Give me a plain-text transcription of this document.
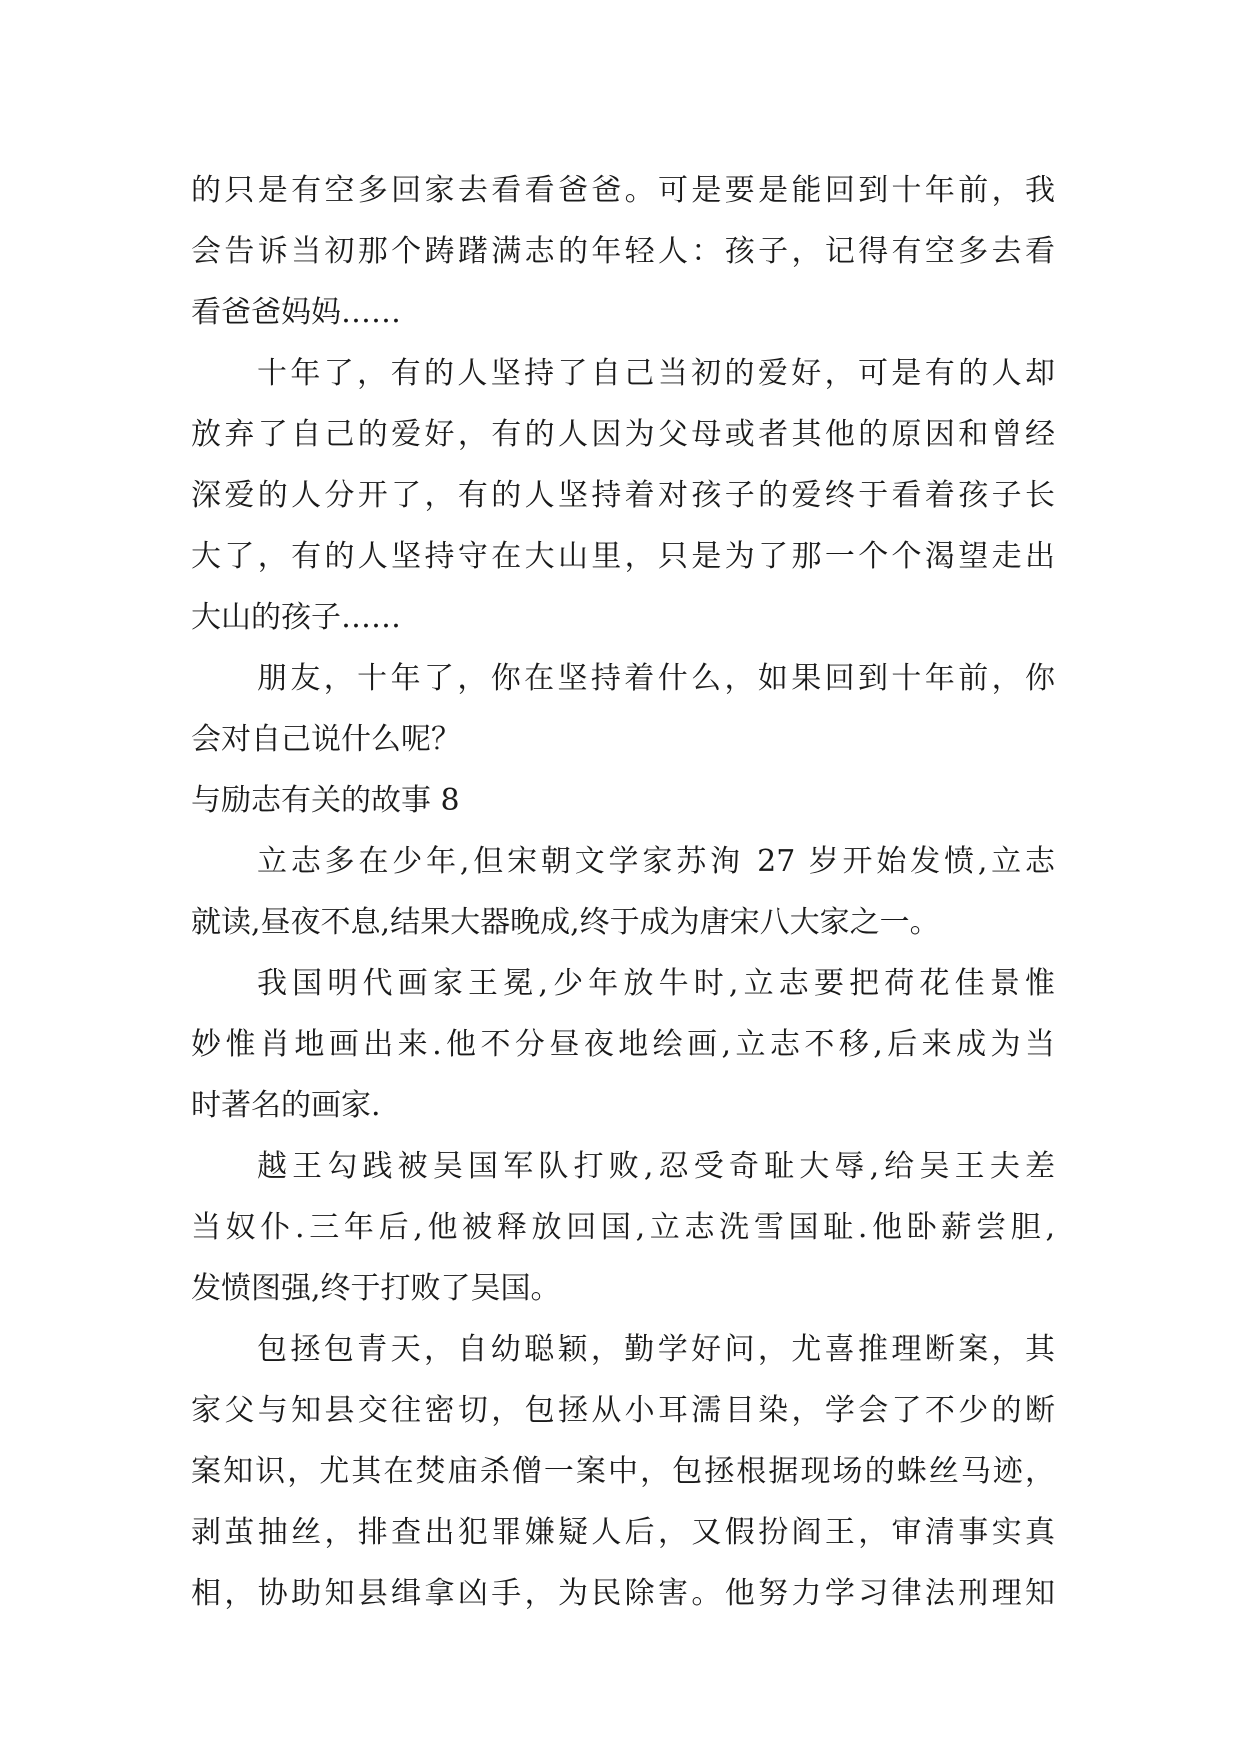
的只是有空多回家去看看爸爸。可是要是能回到十年前，我
会告诉当初那个踌躇满志的年轻人：孩子，记得有空多去看
看爸爸妈妈……
十年了，有的人坚持了自己当初的爱好，可是有的人却
放弃了自己的爱好，有的人因为父母或者其他的原因和曾经
深爱的人分开了，有的人坚持着对孩子的爱终于看着孩子长
大了，有的人坚持守在大山里，只是为了那一个个渴望走出
大山的孩子……
朋友，十年了，你在坚持着什么，如果回到十年前，你
会对自己说什么呢？
与励志有关的故事 8
立志多在少年,但宋朝文学家苏洵 27 岁开始发愤,立志
就读,昼夜不息,结果大器晚成,终于成为唐宋八大家之一。
我国明代画家王冕,少年放牛时,立志要把荷花佳景惟
妙惟肖地画出来.他不分昼夜地绘画,立志不移,后来成为当
时著名的画家.
越王勾践被吴国军队打败,忍受奇耻大辱,给吴王夫差
当奴仆.三年后,他被释放回国,立志洗雪国耻.他卧薪尝胆,
发愤图强,终于打败了吴国。
包拯包青天，自幼聪颖，勤学好问，尤喜推理断案，其
家父与知县交往密切，包拯从小耳濡目染，学会了不少的断
案知识，尤其在焚庙杀僧一案中，包拯根据现场的蛛丝马迹，
剥茧抽丝，排查出犯罪嫌疑人后，又假扮阎王，审清事实真
相，协助知县缉拿凶手，为民除害。他努力学习律法刑理知
